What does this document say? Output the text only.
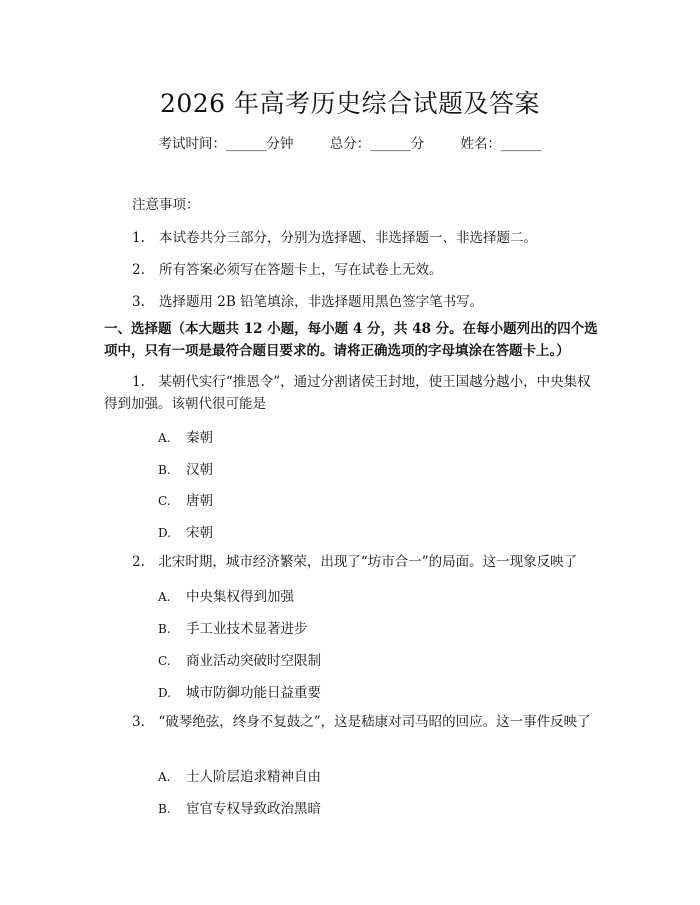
2026 年高考历史综合试题及答案
考试时间：______分钟	总分：______分	姓名：______
注意事项：
1. 本试卷共分三部分，分别为选择题、非选择题一、非选择题二。
2. 所有答案必须写在答题卡上，写在试卷上无效。
3. 选择题用 2B 铅笔填涂，非选择题用黑色签字笔书写。
一、选择题（本大题共 12 小题，每小题 4 分，共 48 分。在每小题列出的四个选项中，只有一项是最符合题目要求的。请将正确选项的字母填涂在答题卡上。）
1.　某朝代实行“推恩令”，通过分割诸侯王封地，使王国越分越小，中央集权得到加强。该朝代很可能是
A. 秦朝
B. 汉朝
C. 唐朝
D. 宋朝
2.　北宋时期，城市经济繁荣，出现了“坊市合一”的局面。这一现象反映了
A. 中央集权得到加强
B. 手工业技术显著进步
C. 商业活动突破时空限制
D. 城市防御功能日益重要
3.　“破琴绝弦，终身不复鼓之”，这是嵇康对司马昭的回应。这一事件反映了
A. 士人阶层追求精神自由
B. 宦官专权导致政治黑暗
